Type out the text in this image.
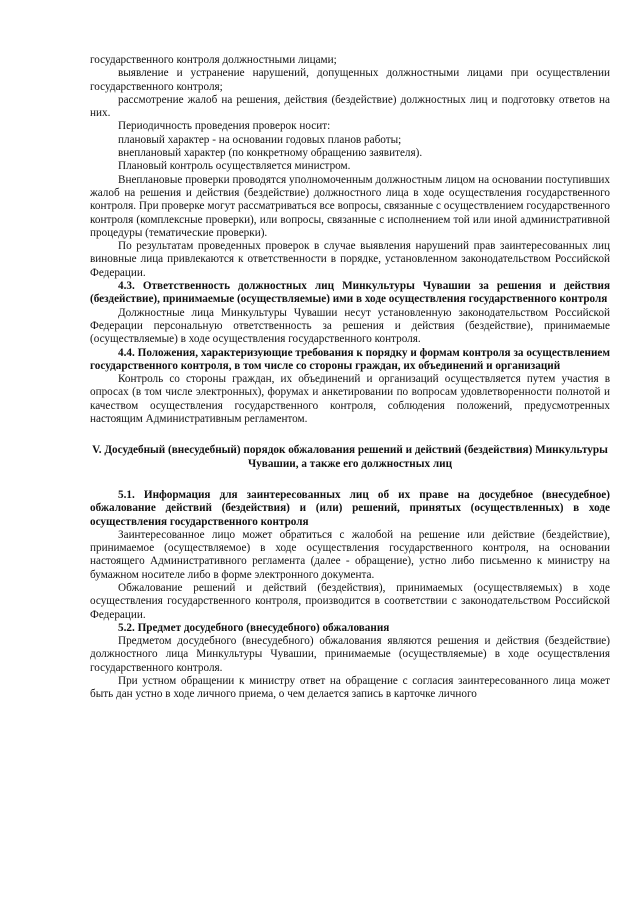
государственного контроля должностными лицами;

выявление и устранение нарушений, допущенных должностными лицами при осуществлении государственного контроля;

рассмотрение жалоб на решения, действия (бездействие) должностных лиц и подготовку ответов на них.

Периодичность проведения проверок носит:

плановый характер - на основании годовых планов работы;

внеплановый характер (по конкретному обращению заявителя).

Плановый контроль осуществляется министром.

Внеплановые проверки проводятся уполномоченным должностным лицом на основании поступивших жалоб на решения и действия (бездействие) должностного лица в ходе осуществления государственного контроля. При проверке могут рассматриваться все вопросы, связанные с осуществлением государственного контроля (комплексные проверки), или вопросы, связанные с исполнением той или иной административной процедуры (тематические проверки).

По результатам проведенных проверок в случае выявления нарушений прав заинтересованных лиц виновные лица привлекаются к ответственности в порядке, установленном законодательством Российской Федерации.

4.3. Ответственность должностных лиц Минкультуры Чувашии за решения и действия (бездействие), принимаемые (осуществляемые) ими в ходе осуществления государственного контроля

Должностные лица Минкультуры Чувашии несут установленную законодательством Российской Федерации персональную ответственность за решения и действия (бездействие), принимаемые (осуществляемые) в ходе осуществления государственного контроля.

4.4. Положения, характеризующие требования к порядку и формам контроля за осуществлением государственного контроля, в том числе со стороны граждан, их объединений и организаций

Контроль со стороны граждан, их объединений и организаций осуществляется путем участия в опросах (в том числе электронных), форумах и анкетировании по вопросам удовлетворенности полнотой и качеством осуществления государственного контроля, соблюдения положений, предусмотренных настоящим Административным регламентом.

V. Досудебный (внесудебный) порядок обжалования решений и действий (бездействия) Минкультуры Чувашии, а также его должностных лиц

5.1. Информация для заинтересованных лиц об их праве на досудебное (внесудебное) обжалование действий (бездействия) и (или) решений, принятых (осуществленных) в ходе осуществления государственного контроля

Заинтересованное лицо может обратиться с жалобой на решение или действие (бездействие), принимаемое (осуществляемое) в ходе осуществления государственного контроля, на основании настоящего Административного регламента (далее - обращение), устно либо письменно к министру на бумажном носителе либо в форме электронного документа.

Обжалование решений и действий (бездействия), принимаемых (осуществляемых) в ходе осуществления государственного контроля, производится в соответствии с законодательством Российской Федерации.

5.2. Предмет досудебного (внесудебного) обжалования

Предметом досудебного (внесудебного) обжалования являются решения и действия (бездействие) должностного лица Минкультуры Чувашии, принимаемые (осуществляемые) в ходе осуществления государственного контроля.

При устном обращении к министру ответ на обращение с согласия заинтересованного лица может быть дан устно в ходе личного приема, о чем делается запись в карточке личного
